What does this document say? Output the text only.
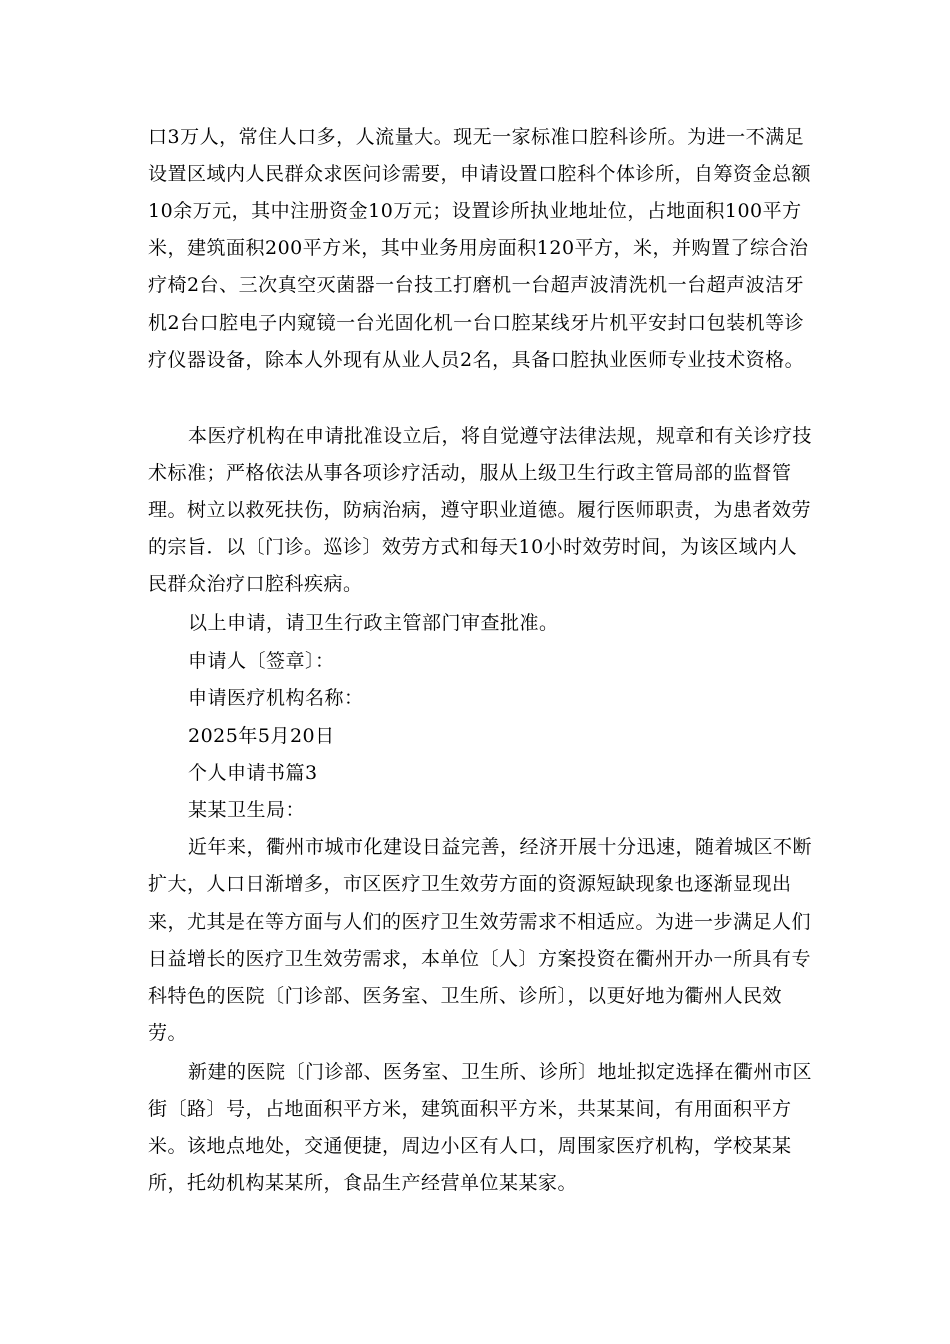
口3万人，常住人口多，人流量大。现无一家标准口腔科诊所。为进一不满足
设置区域内人民群众求医问诊需要，申请设置口腔科个体诊所，自筹资金总额
10余万元，其中注册资金10万元；设置诊所执业地址位，占地面积100平方
米，建筑面积200平方米，其中业务用房面积120平方，米，并购置了综合治
疗椅2台、三次真空灭菌器一台技工打磨机一台超声波清洗机一台超声波洁牙
机2台口腔电子内窥镜一台光固化机一台口腔某线牙片机平安封口包装机等诊
疗仪器设备，除本人外现有从业人员2名，具备口腔执业医师专业技术资格。
本医疗机构在申请批准设立后，将自觉遵守法律法规，规章和有关诊疗技
术标准；严格依法从事各项诊疗活动，服从上级卫生行政主管局部的监督管
理。树立以救死扶伤，防病治病，遵守职业道德。履行医师职责，为患者效劳
的宗旨．以〔门诊。巡诊〕效劳方式和每天10小时效劳时间，为该区域内人
民群众治疗口腔科疾病。
以上申请，请卫生行政主管部门审查批准。
申请人〔签章〕：
申请医疗机构名称：
2025年5月20日
个人申请书篇3
某某卫生局：
近年来，衢州市城市化建设日益完善，经济开展十分迅速，随着城区不断
扩大，人口日渐增多，市区医疗卫生效劳方面的资源短缺现象也逐渐显现出
来，尤其是在等方面与人们的医疗卫生效劳需求不相适应。为进一步满足人们
日益增长的医疗卫生效劳需求，本单位〔人〕方案投资在衢州开办一所具有专
科特色的医院〔门诊部、医务室、卫生所、诊所〕，以更好地为衢州人民效
劳。
新建的医院〔门诊部、医务室、卫生所、诊所〕地址拟定选择在衢州市区
街〔路〕号，占地面积平方米，建筑面积平方米，共某某间，有用面积平方
米。该地点地处，交通便捷，周边小区有人口，周围家医疗机构，学校某某
所，托幼机构某某所，食品生产经营单位某某家。
